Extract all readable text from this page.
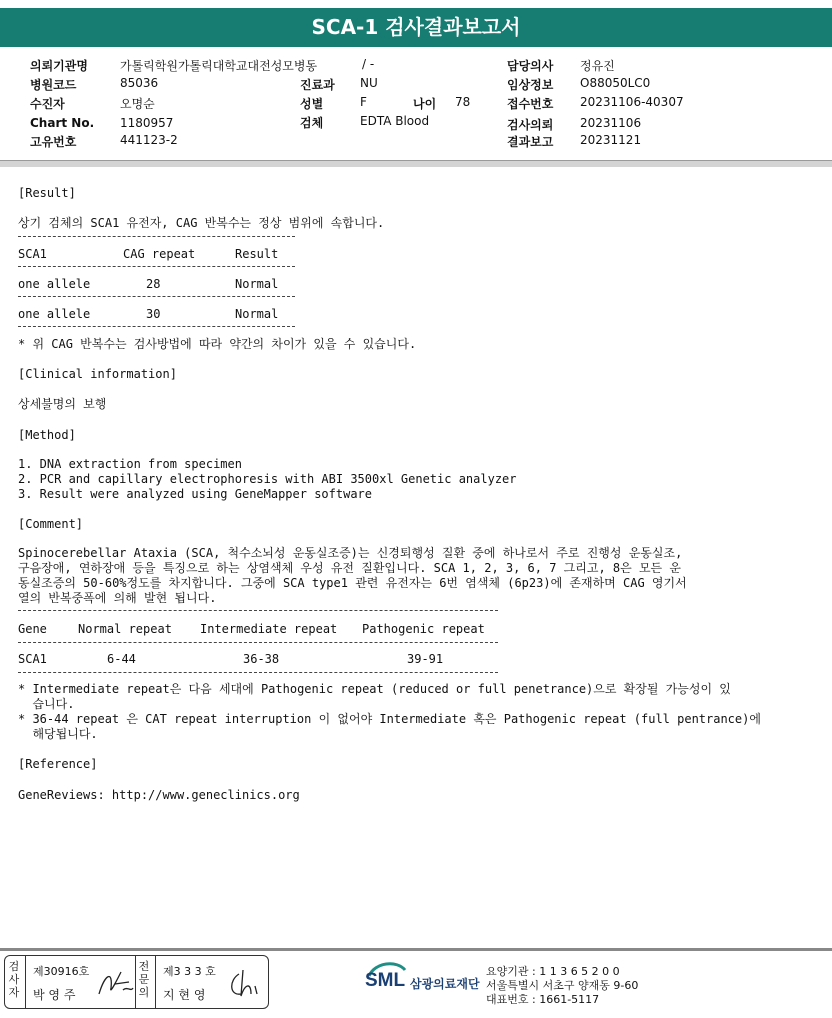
SCA-1 검사결과보고서
의뢰기관명	가톨릭학원가톨릭대학교대전성모병동
병원코드	85036
수진자	오명순
Chart No. 1180957
고유번호	441123-2
/ -
진료과 NU
성별	F	나이 78
검체	EDTA Blood
담당의사 정유진
임상정보 O88050LC0
접수번호 20231106-40307
검사의뢰 20231106
결과보고 20231121
[Result]
상기 검체의 SCA1 유전자, CAG 반복수는 정상 범위에 속합니다.
SCA1	CAG repeat	Result
one allele	28	Normal
one allele	30	Normal
* 위 CAG 반복수는 검사방법에 따라 약간의 차이가 있을 수 있습니다.
[Clinical information]
상세불명의 보행
[Method]
1. DNA extraction from specimen
2. PCR and capillary electrophoresis with ABI 3500xl Genetic analyzer
3. Result were analyzed using GeneMapper software
[Comment]
Spinocerebellar Ataxia (SCA, 척수소뇌성 운동실조증)는 신경퇴행성 질환 중에 하나로서 주로 진행성 운동실조,
구음장애, 연하장애 등을 특징으로 하는 상염색체 우성 유전 질환입니다. SCA 1, 2, 3, 6, 7 그리고, 8은 모든 운
동실조증의 50-60%정도를 차지합니다. 그중에 SCA type1 관련 유전자는 6번 염색체 (6p23)에 존재하며 CAG 영기서
열의 반복중폭에 의해 발현 됩니다.
Gene	Normal repeat Intermediate repeat Pathogenic repeat
SCA1	6-44	36-38	39-91
* Intermediate repeat은 다음 세대에 Pathogenic repeat (reduced or full penetrance)으로 확장될 가능성이 있
습니다.
* 36-44 repeat 은 CAT repeat interruption 이 없어야 Intermediate 혹은 Pathogenic repeat (full pentrance)에
해당됩니다.
[Reference]
GeneReviews: http://www.geneclinics.org
검사자
제30916호
박 영 주
전문의
제3 3 3 호
지 현 영
SML 삼광의료재단
요양기관 : 1 1 3 6 5 2 0 0
서울특별시 서초구 양재동 9-60
대표번호 : 1661-5117
